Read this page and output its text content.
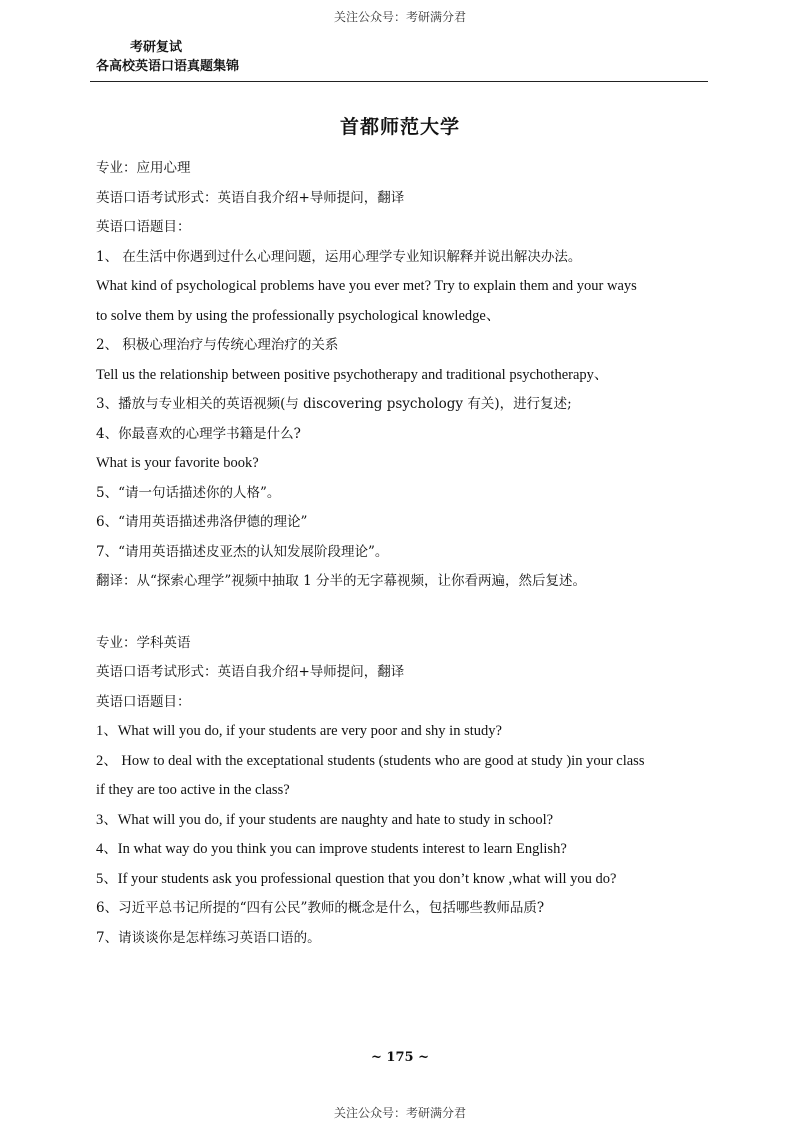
关注公众号：考研满分君
考研复试
各高校英语口语真题集锦
首都师范大学
专业：应用心理
英语口语考试形式：英语自我介绍+导师提问，翻译
英语口语题目：
1、 在生活中你遇到过什么心理问题，运用心理学专业知识解释并说出解决办法。
What kind of psychological problems have you ever met? Try to explain them and your ways
to solve them by using the professionally psychological knowledge、
2、 积极心理治疗与传统心理治疗的关系
Tell us the relationship between positive psychotherapy and traditional psychotherapy、
3、播放与专业相关的英语视频(与 discovering psychology 有关)，进行复述;
4、你最喜欢的心理学书籍是什么?
What is your favorite book?
5、“请一句话描述你的人格”。
6、“请用英语描述弗洛伊德的理论”
7、“请用英语描述皮亚杰的认知发展阶段理论”。
翻译：从“探索心理学”视频中抽取 1 分半的无字幕视频，让你看两遍，然后复述。
专业：学科英语
英语口语考试形式：英语自我介绍+导师提问，翻译
英语口语题目：
1、What will you do, if your students are very poor and shy in study?
2、 How to deal with the exceptational students (students who are good at study )in your class
if they are too active in the class?
3、What will you do, if your students are naughty and hate to study in school?
4、In what way do you think you can improve students interest to learn English?
5、If your students ask you professional question that you don’t know ,what will you do?
6、习近平总书记所提的“四有公民”教师的概念是什么，包括哪些教师品质?
7、请谈谈你是怎样练习英语口语的。
~ 175 ~
关注公众号：考研满分君
